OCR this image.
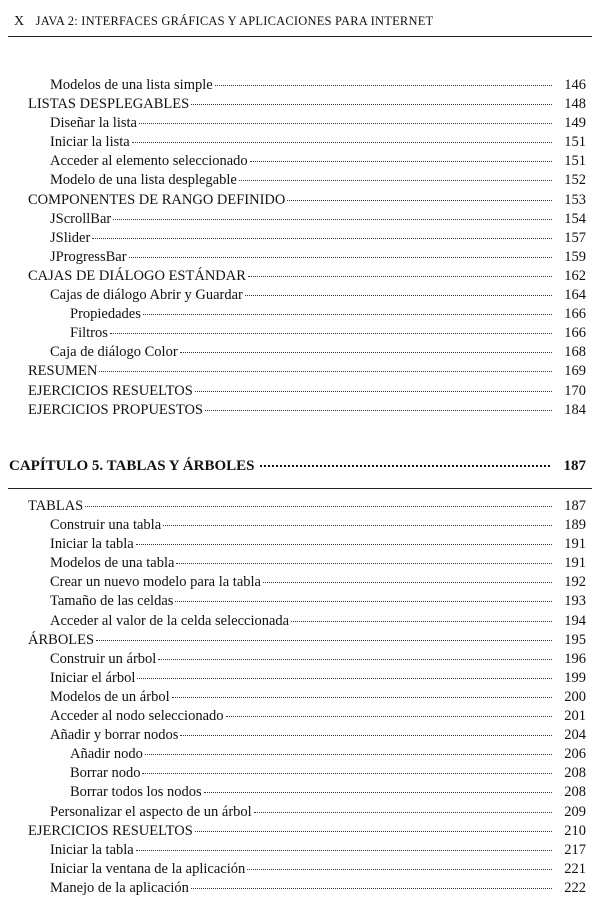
X JAVA 2: INTERFACES GRÁFICAS Y APLICACIONES PARA INTERNET
Modelos de una lista simple	146
LISTAS DESPLEGABLES	148
Diseñar la lista	149
Iniciar la lista	151
Acceder al elemento seleccionado	151
Modelo de una lista desplegable	152
COMPONENTES DE RANGO DEFINIDO	153
JScrollBar	154
JSlider	157
JProgressBar	159
CAJAS DE DIÁLOGO ESTÁNDAR	162
Cajas de diálogo Abrir y Guardar	164
Propiedades	166
Filtros	166
Caja de diálogo Color	168
RESUMEN	169
EJERCICIOS RESUELTOS	170
EJERCICIOS PROPUESTOS	184
CAPÍTULO 5. TABLAS Y ÁRBOLES	187
TABLAS	187
Construir una tabla	189
Iniciar la tabla	191
Modelos de una tabla	191
Crear un nuevo modelo para la tabla	192
Tamaño de las celdas	193
Acceder al valor de la celda seleccionada	194
ÁRBOLES	195
Construir un árbol	196
Iniciar el árbol	199
Modelos de un árbol	200
Acceder al nodo seleccionado	201
Añadir y borrar nodos	204
Añadir nodo	206
Borrar nodo	208
Borrar todos los nodos	208
Personalizar el aspecto de un árbol	209
EJERCICIOS RESUELTOS	210
Iniciar la tabla	217
Iniciar la ventana de la aplicación	221
Manejo de la aplicación	222
